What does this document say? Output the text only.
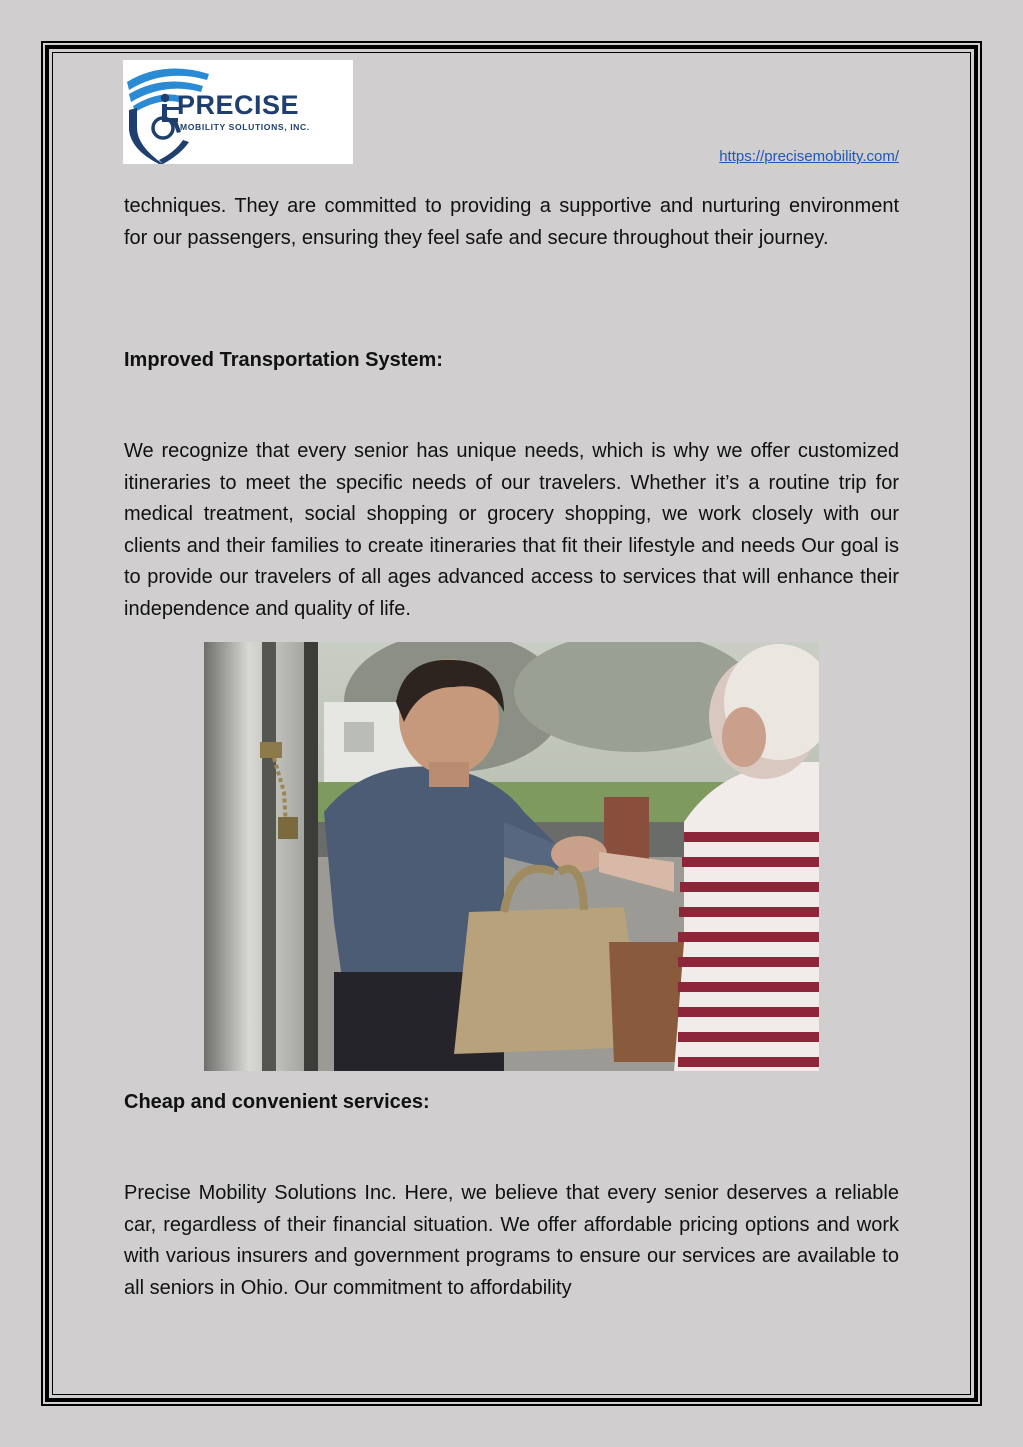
PRECISE
MOBILITY SOLUTIONS, INC.
https://precisemobility.com/

techniques. They are committed to providing a supportive and nurturing environment for our passengers, ensuring they feel safe and secure throughout their journey.

Improved Transportation System:

We recognize that every senior has unique needs, which is why we offer customized itineraries to meet the specific needs of our travelers. Whether it’s a routine trip for medical treatment, social shopping or grocery shopping, we work closely with our clients and their families to create itineraries that fit their lifestyle and needs Our goal is to provide our travelers of all ages advanced access to services that will enhance their independence and quality of life.

Cheap and convenient services:

Precise Mobility Solutions Inc. Here, we believe that every senior deserves a reliable car, regardless of their financial situation. We offer affordable pricing options and work with various insurers and government programs to ensure our services are available to all seniors in Ohio. Our commitment to affordability
